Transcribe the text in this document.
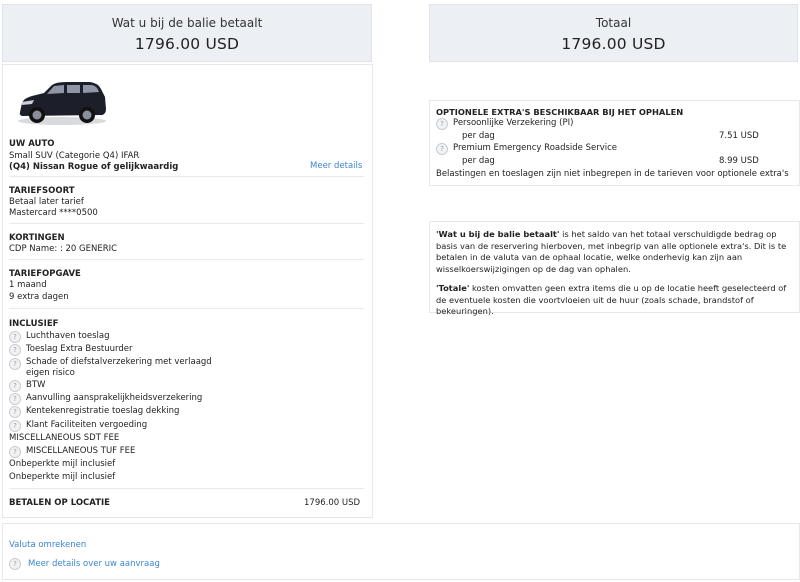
Wat u bij de balie betaalt
1796.00 USD
Totaal
1796.00 USD
UW AUTO
Small SUV (Categorie Q4) IFAR
(Q4) Nissan Rogue of gelijkwaardig	Meer details
TARIEFSOORT
Betaal later tarief
Mastercard ****0500
KORTINGEN
CDP Name: : 20 GENERIC
TARIEFOPGAVE
1 maand
9 extra dagen
INCLUSIEF
?	Luchthaven toeslag
?	Toeslag Extra Bestuurder
?	Schade of diefstalverzekering met verlaagd
eigen risico
?	BTW
?	Aanvulling aansprakelijkheidsverzekering
?	Kentekenregistratie toeslag dekking
?	Klant Faciliteiten vergoeding
MISCELLANEOUS SDT FEE
?	MISCELLANEOUS TUF FEE
Onbeperkte mijl inclusief
Onbeperkte mijl inclusief
BETALEN OP LOCATIE	1796.00 USD
Valuta omrekenen
?	Meer details over uw aanvraag
OPTIONELE EXTRA'S BESCHIKBAAR BIJ HET OPHALEN
?	Persoonlijke Verzekering (PI)
per dag	7.51 USD
?	Premium Emergency Roadside Service
per dag	8.99 USD
Belastingen en toeslagen zijn niet inbegrepen in de tarieven voor optionele extra's
'Wat u bij de balie betaalt' is het saldo van het totaal verschuldigde bedrag op basis van de reservering hierboven, met inbegrip van alle optionele extra's. Dit is te betalen in de valuta van de ophaal locatie, welke onderhevig kan zijn aan wisselkoerswijzigingen op de dag van ophalen.
'Totale' kosten omvatten geen extra items die u op de locatie heeft geselecteerd of de eventuele kosten die voortvloeien uit de huur (zoals schade, brandstof of bekeuringen).
